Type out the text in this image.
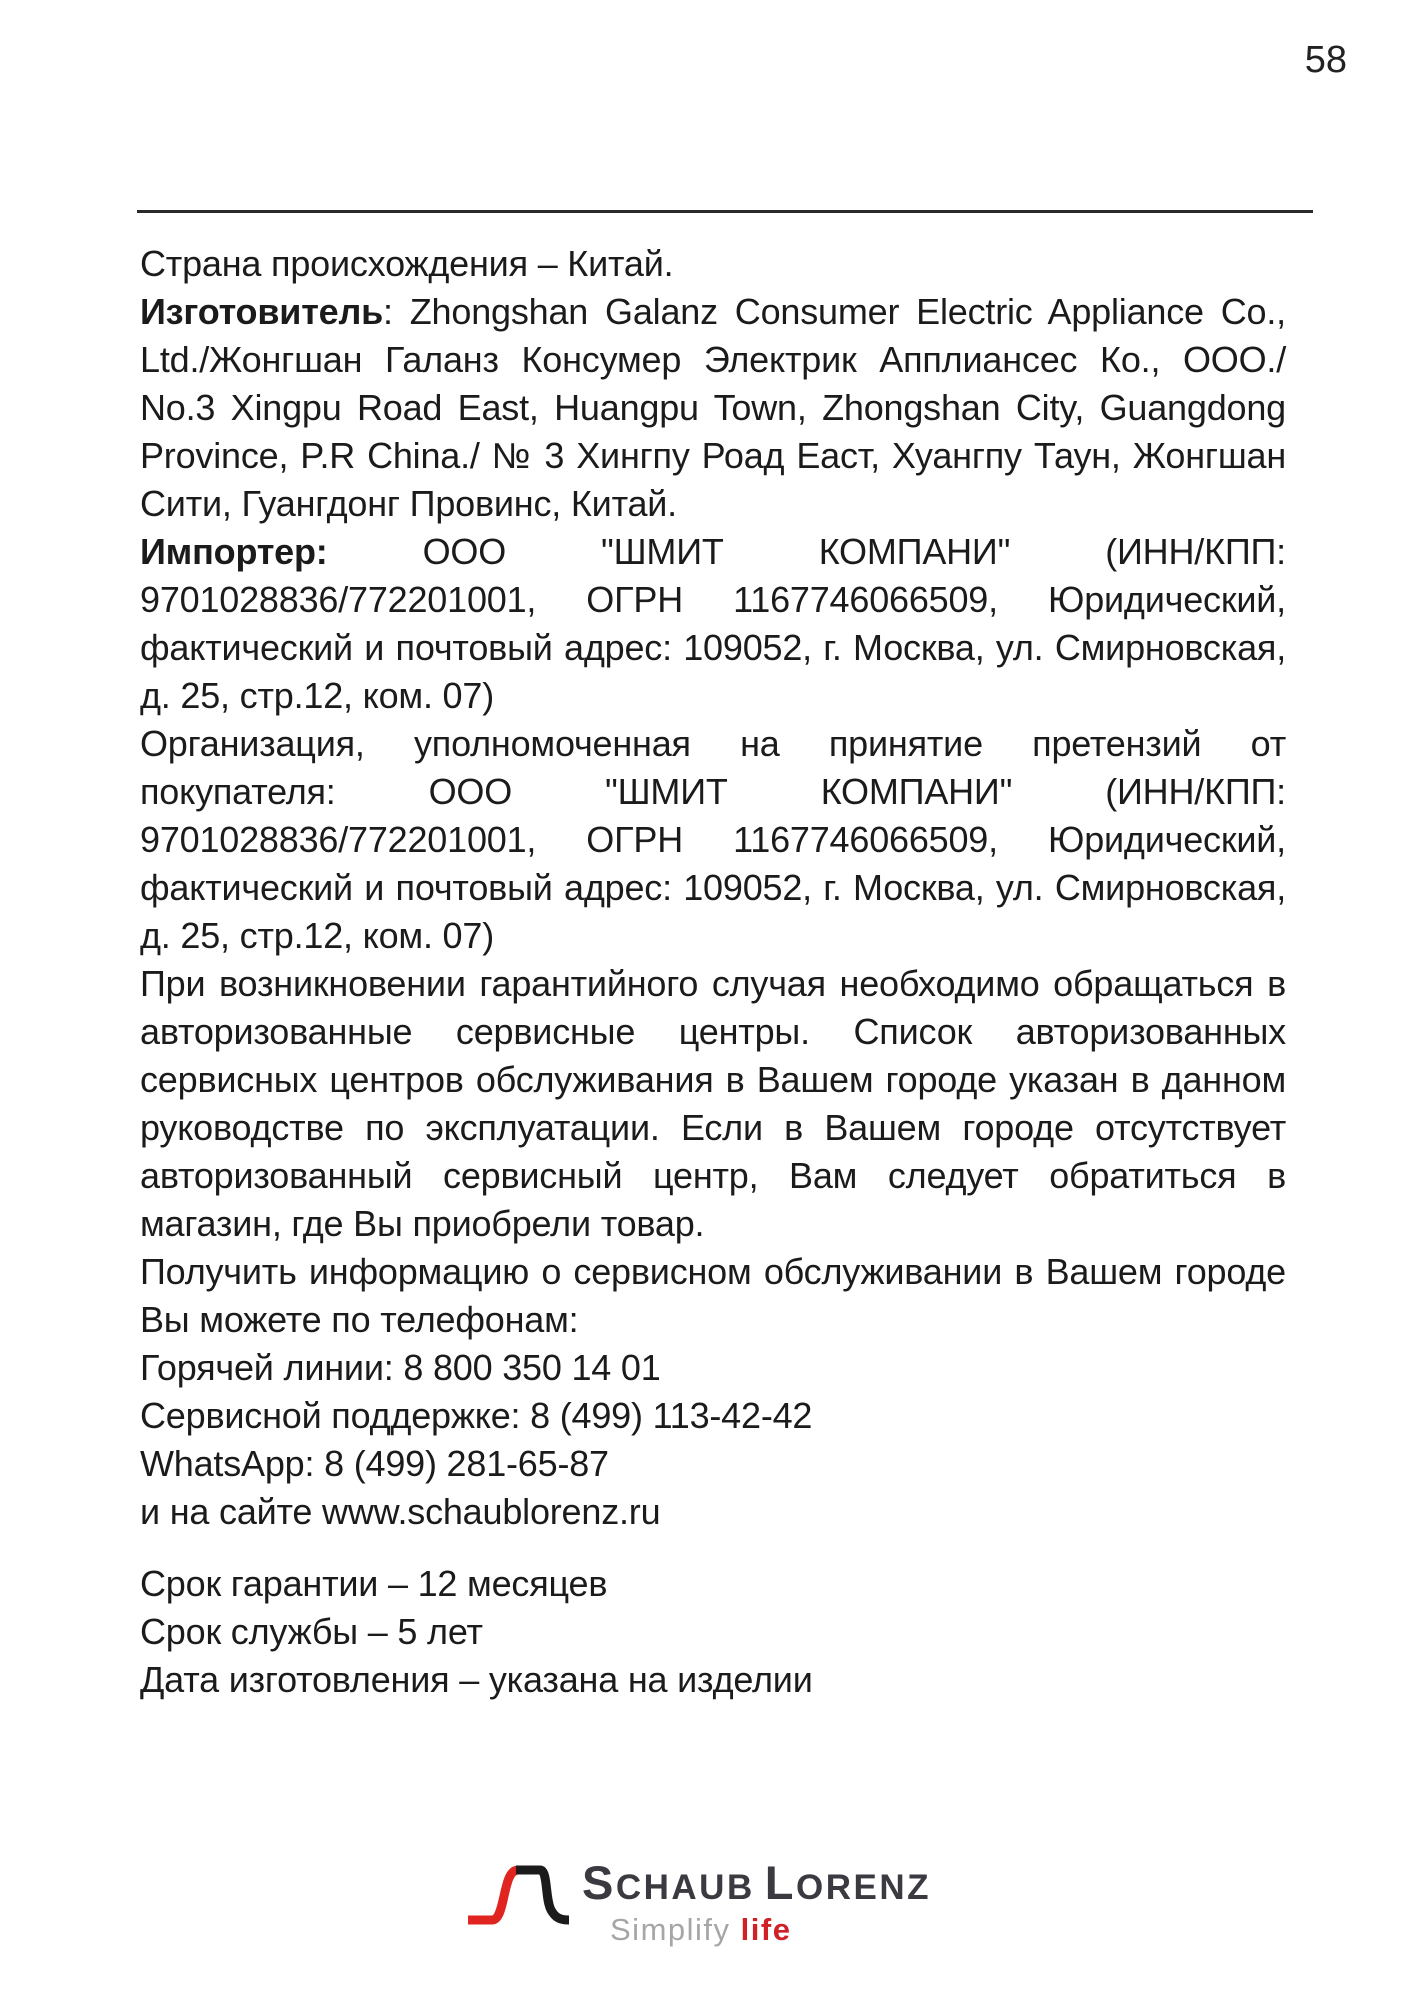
58

Страна происхождения – Китай.

Изготовитель: Zhongshan Galanz Consumer Electric Appliance Co., Ltd./Жонгшан Галанз Консумер Электрик Апплиансес Ко., ООО./ No.3 Xingpu Road East, Huangpu Town, Zhongshan City, Guangdong Province, P.R China./ № 3 Хингпу Роад Еаст, Хуангпу Таун, Жонгшан Сити, Гуангдонг Провинс, Китай.

Импортер: ООО "ШМИТ КОМПАНИ" (ИНН/КПП: 9701028836/772201001, ОГРН 1167746066509, Юридический, фактический и почтовый адрес: 109052, г. Москва, ул. Смирновская, д. 25, стр.12, ком. 07)

Организация, уполномоченная на принятие претензий от покупателя: ООО "ШМИТ КОМПАНИ" (ИНН/КПП: 9701028836/772201001, ОГРН 1167746066509, Юридический, фактический и почтовый адрес: 109052, г. Москва, ул. Смирновская, д. 25, стр.12, ком. 07)

При возникновении гарантийного случая необходимо обращаться в авторизованные сервисные центры. Список авторизованных сервисных центров обслуживания в Вашем городе указан в данном руководстве по эксплуатации. Если в Вашем городе отсутствует авторизованный сервисный центр, Вам следует обратиться в магазин, где Вы приобрели товар.

Получить информацию о сервисном обслуживании в Вашем городе Вы можете по телефонам:

Горячей линии: 8 800 350 14 01
Сервисной поддержке: 8 (499) 113-42-42
WhatsApp: 8 (499) 281-65-87
и на сайте www.schaublorenz.ru
Срок гарантии – 12 месяцев
Срок службы – 5 лет
Дата изготовления – указана на изделии
SCHAUB LORENZ
Simplify life
